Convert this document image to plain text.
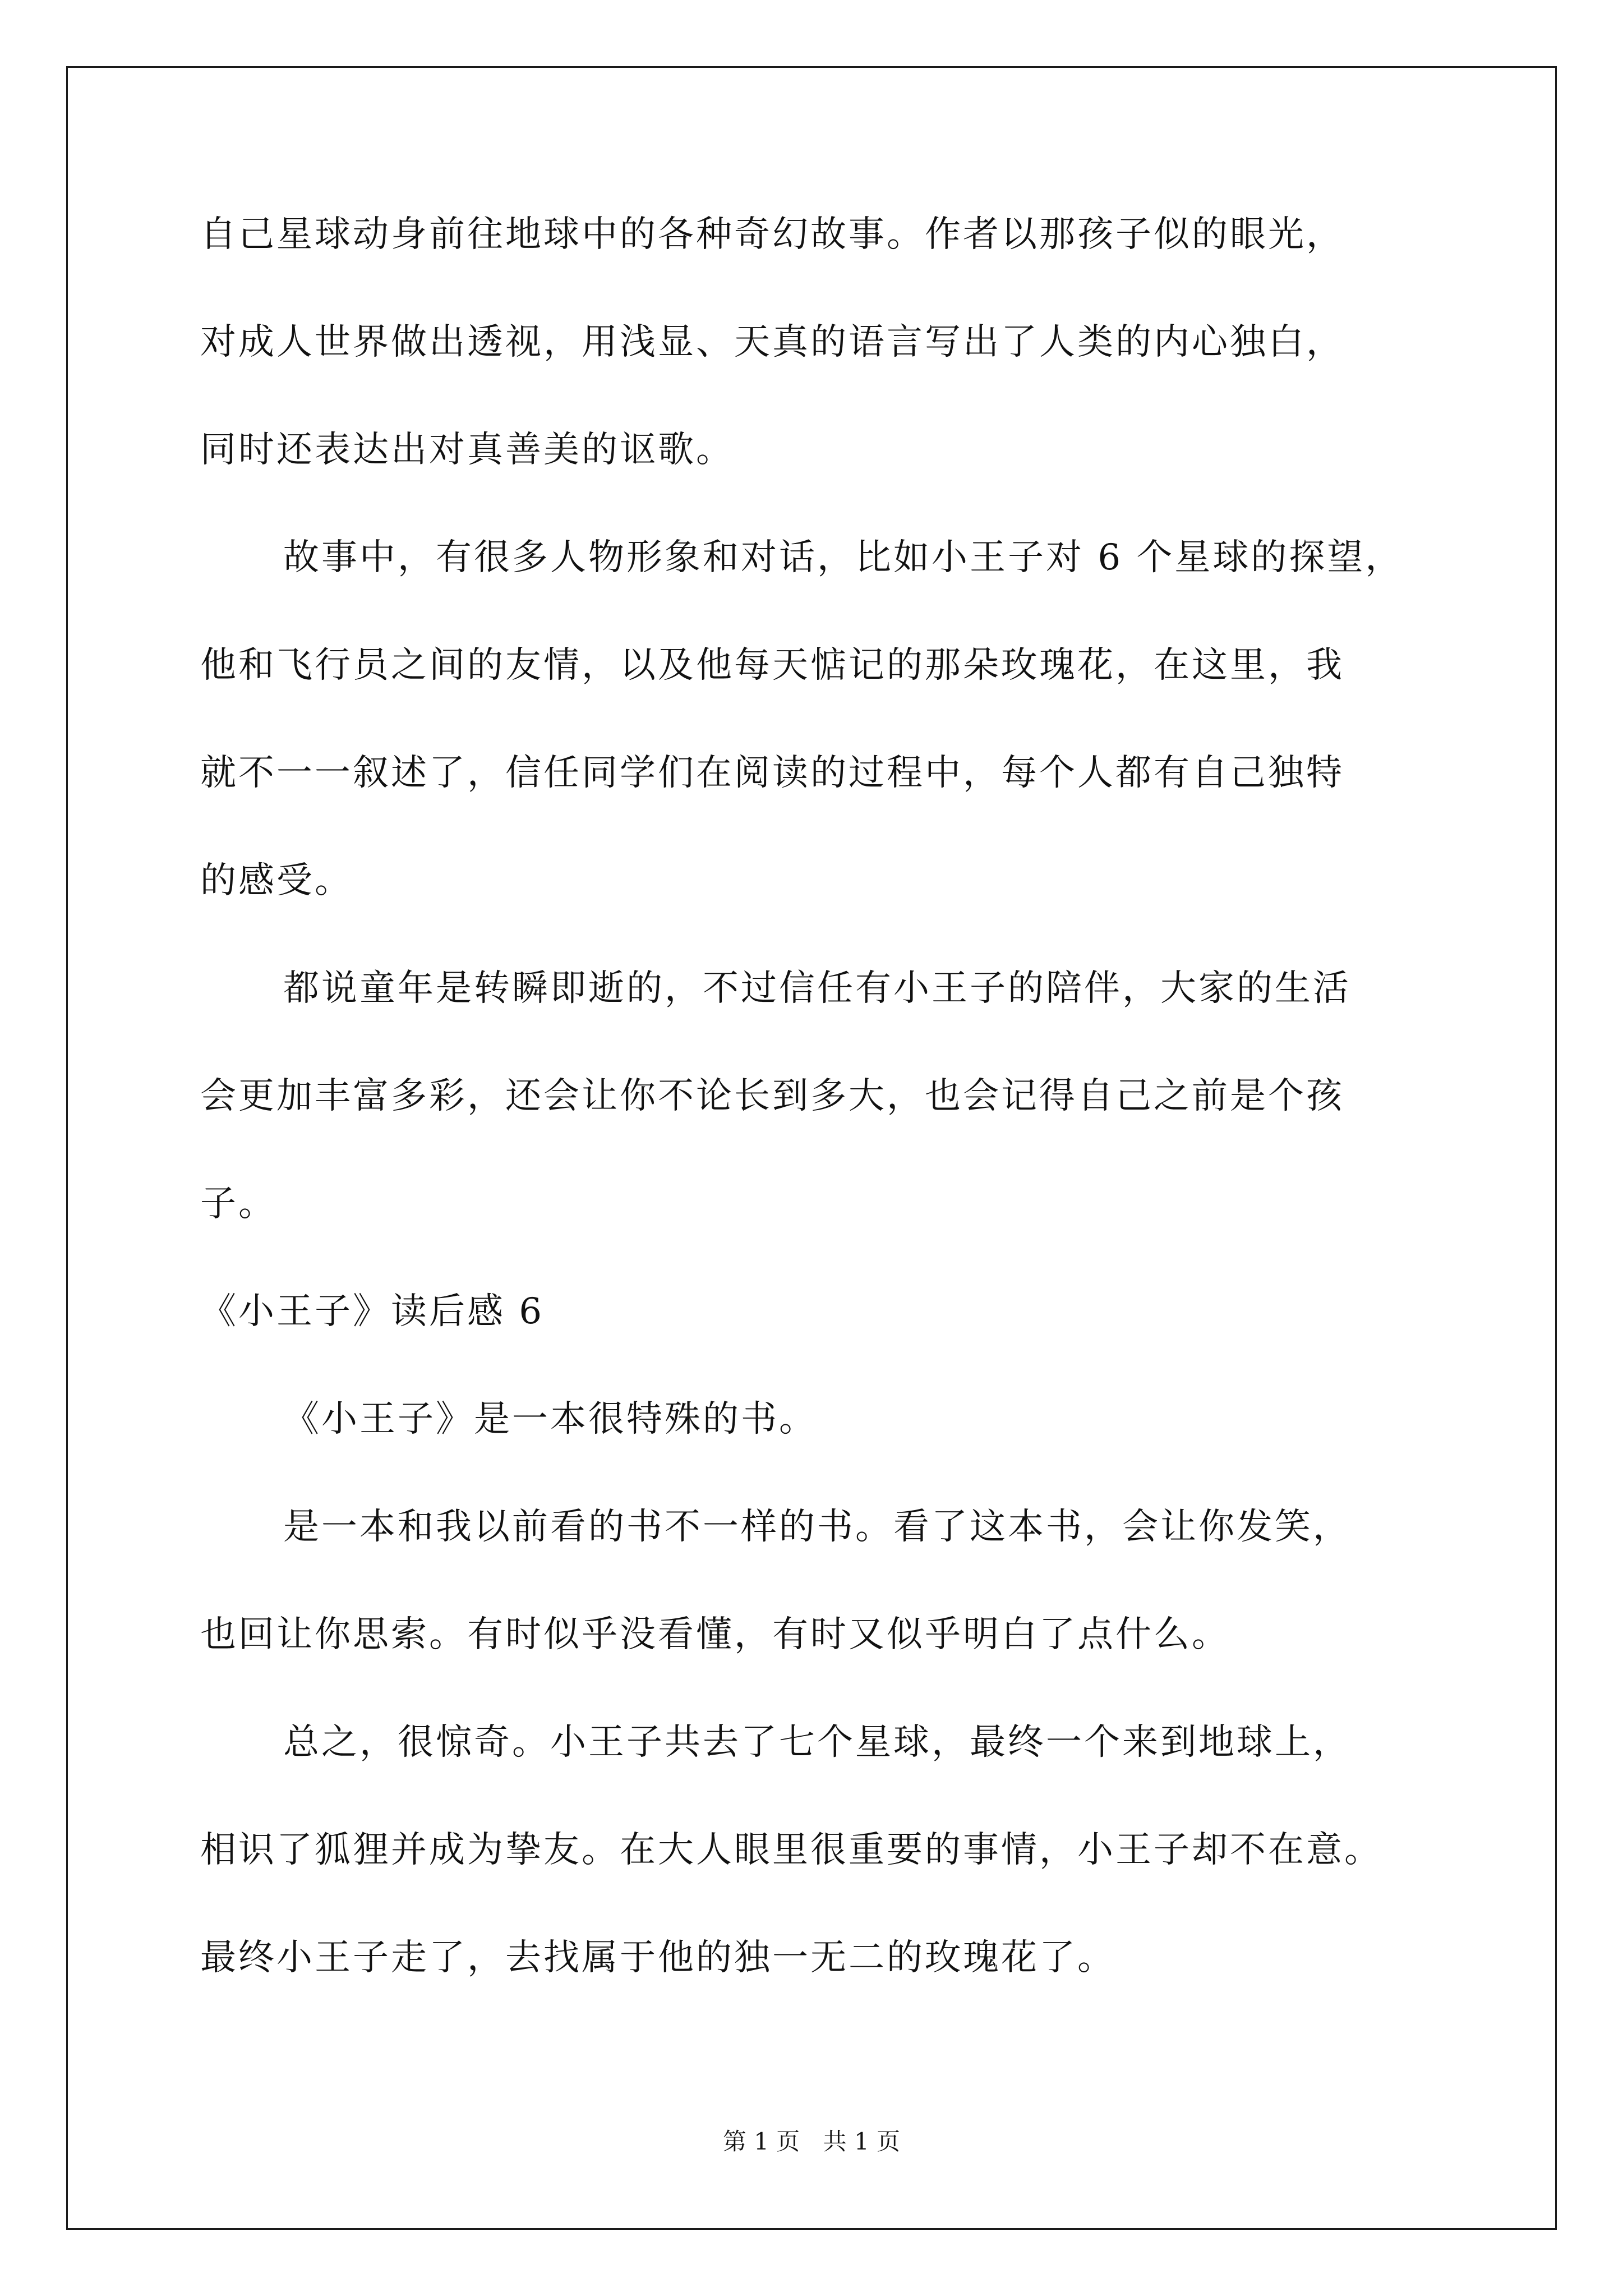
自己星球动身前往地球中的各种奇幻故事。作者以那孩子似的眼光，
对成人世界做出透视，用浅显、天真的语言写出了人类的内心独白，
同时还表达出对真善美的讴歌。
故事中，有很多人物形象和对话，比如小王子对 6 个星球的探望，
他和飞行员之间的友情，以及他每天惦记的那朵玫瑰花，在这里，我
就不一一叙述了，信任同学们在阅读的过程中，每个人都有自己独特
的感受。
都说童年是转瞬即逝的，不过信任有小王子的陪伴，大家的生活
会更加丰富多彩，还会让你不论长到多大，也会记得自己之前是个孩
子。
《小王子》读后感 6
《小王子》是一本很特殊的书。
是一本和我以前看的书不一样的书。看了这本书，会让你发笑，
也回让你思索。有时似乎没看懂，有时又似乎明白了点什么。
总之，很惊奇。小王子共去了七个星球，最终一个来到地球上，
相识了狐狸并成为挚友。在大人眼里很重要的事情，小王子却不在意。
最终小王子走了，去找属于他的独一无二的玫瑰花了。
第 1 页 共 1 页
